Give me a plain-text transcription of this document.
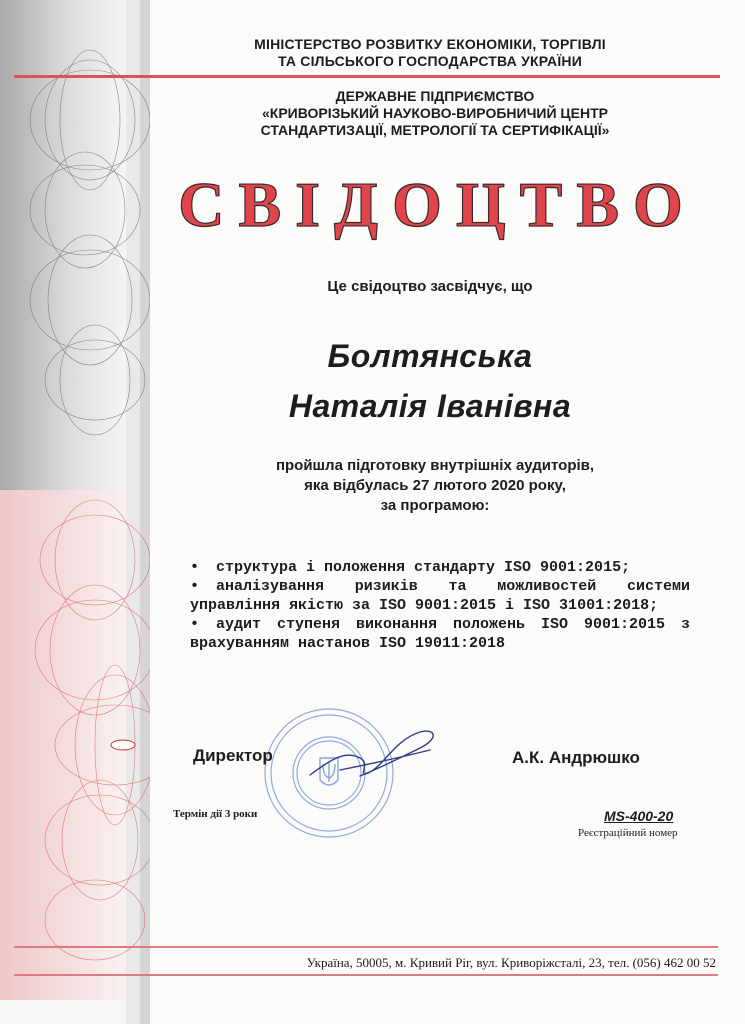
МІНІСТЕРСТВО РОЗВИТКУ ЕКОНОМІКИ, ТОРГІВЛІ
ТА СІЛЬСЬКОГО ГОСПОДАРСТВА УКРАЇНИ
ДЕРЖАВНЕ ПІДПРИЄМСТВО
«КРИВОРІЗЬКИЙ НАУКОВО-ВИРОБНИЧИЙ ЦЕНТР
СТАНДАРТИЗАЦІЇ, МЕТРОЛОГІЇ ТА СЕРТИФІКАЦІЇ»
СВІДОЦТВО
Це свідоцтво засвідчує, що
Болтянська
Наталія Іванівна
пройшла підготовку внутрішніх аудиторів,
яка відбулась 27 лютого 2020 року,
за програмою:

• структура і положення стандарту ISO 9001:2015;

• аналізування ризиків та можливостей системи управління якістю за ISO 9001:2015 і ISO 31001:2018;

• аудит ступеня виконання положень ISO 9001:2015 з врахуванням настанов ISO 19011:2018

Директор	А.К. Андрюшко
Термін дії 3 роки	MS-400-20
Реєстраційний номер
Україна, 50005, м. Кривий Ріг, вул. Криворіжсталі, 23, тел. (056) 462 00 52
